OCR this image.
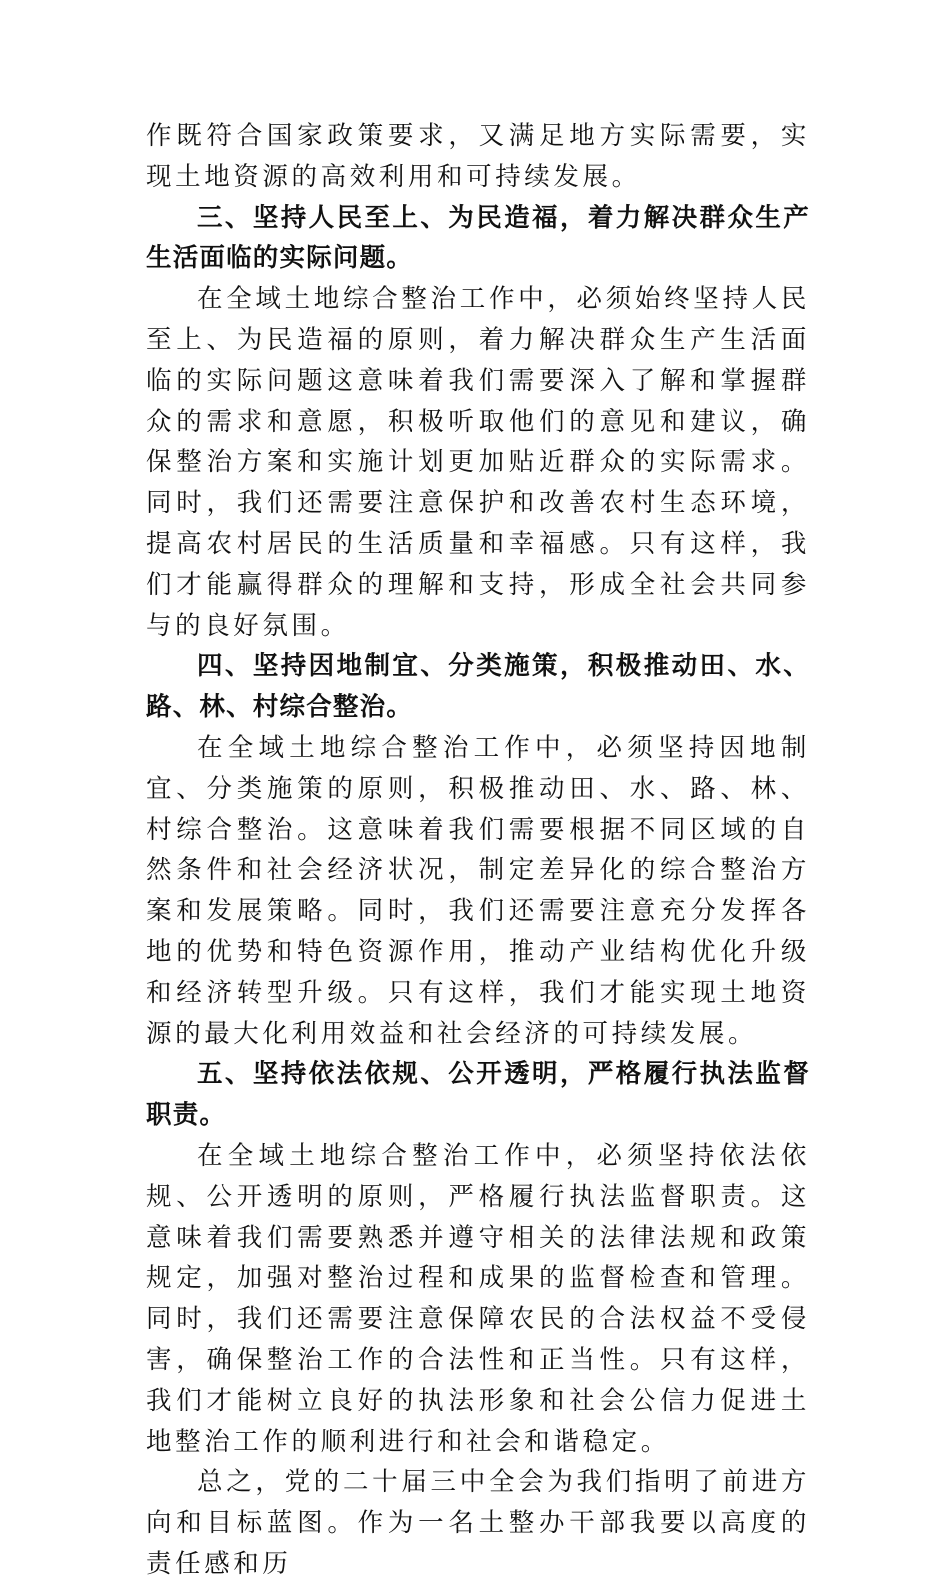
作既符合国家政策要求，又满足地方实际需要，实现土地资源的高效利用和可持续发展。

三、坚持人民至上、为民造福，着力解决群众生产生活面临的实际问题。

在全域土地综合整治工作中，必须始终坚持人民至上、为民造福的原则，着力解决群众生产生活面临的实际问题这意味着我们需要深入了解和掌握群众的需求和意愿，积极听取他们的意见和建议，确保整治方案和实施计划更加贴近群众的实际需求。同时，我们还需要注意保护和改善农村生态环境，提高农村居民的生活质量和幸福感。只有这样，我们才能赢得群众的理解和支持，形成全社会共同参与的良好氛围。

四、坚持因地制宜、分类施策，积极推动田、水、路、林、村综合整治。

在全域土地综合整治工作中，必须坚持因地制宜、分类施策的原则，积极推动田、水、路、林、村综合整治。这意味着我们需要根据不同区域的自然条件和社会经济状况，制定差异化的综合整治方案和发展策略。同时，我们还需要注意充分发挥各地的优势和特色资源作用，推动产业结构优化升级和经济转型升级。只有这样，我们才能实现土地资源的最大化利用效益和社会经济的可持续发展。

五、坚持依法依规、公开透明，严格履行执法监督职责。

在全域土地综合整治工作中，必须坚持依法依规、公开透明的原则，严格履行执法监督职责。这意味着我们需要熟悉并遵守相关的法律法规和政策规定，加强对整治过程和成果的监督检查和管理。同时，我们还需要注意保障农民的合法权益不受侵害，确保整治工作的合法性和正当性。只有这样，我们才能树立良好的执法形象和社会公信力促进土地整治工作的顺利进行和社会和谐稳定。

总之，党的二十届三中全会为我们指明了前进方向和目标蓝图。作为一名土整办干部我要以高度的责任感和历
